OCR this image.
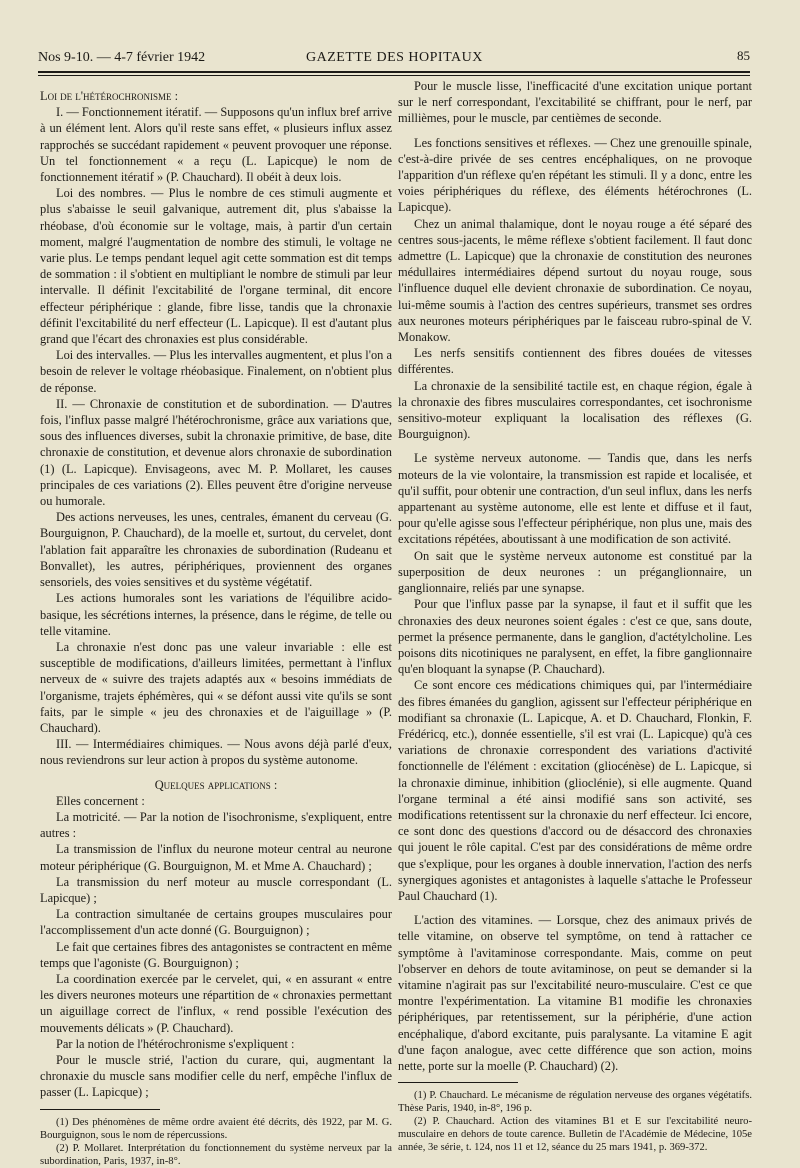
Nos 9-10. — 4-7 février 1942	GAZETTE DES HOPITAUX	85

Loi de l'hétérochronisme :

I. — Fonctionnement itératif. — Supposons qu'un influx bref arrive à un élément lent. Alors qu'il reste sans effet, « plusieurs influx assez rapprochés se succédant rapidement « peuvent provoquer une réponse. Un tel fonctionnement « a reçu (L. Lapicque) le nom de fonctionnement itératif » (P. Chauchard). Il obéit à deux lois.

Loi des nombres. — Plus le nombre de ces stimuli augmente et plus s'abaisse le seuil galvanique, autrement dit, plus s'abaisse la rhéobase, d'où économie sur le voltage, mais, à partir d'un certain moment, malgré l'augmentation de nombre des stimuli, le voltage ne varie plus. Le temps pendant lequel agit cette sommation est dit temps de sommation : il s'obtient en multipliant le nombre de stimuli par leur intervalle. Il définit l'excitabilité de l'organe terminal, dit encore effecteur périphérique : glande, fibre lisse, tandis que la chronaxie définit l'excitabilité du nerf effecteur (L. Lapicque). Il est d'autant plus grand que l'écart des chronaxies est plus considérable.

Loi des intervalles. — Plus les intervalles augmentent, et plus l'on a besoin de relever le voltage rhéobasique. Finalement, on n'obtient plus de réponse.

II. — Chronaxie de constitution et de subordination. — D'autres fois, l'influx passe malgré l'hétérochronisme, grâce aux variations que, sous des influences diverses, subit la chronaxie primitive, de base, dite chronaxie de constitution, et devenue alors chronaxie de subordination (1) (L. Lapicque). Envisageons, avec M. P. Mollaret, les causes principales de ces variations (2). Elles peuvent être d'origine nerveuse ou humorale.

Des actions nerveuses, les unes, centrales, émanent du cerveau (G. Bourguignon, P. Chauchard), de la moelle et, surtout, du cervelet, dont l'ablation fait apparaître les chronaxies de subordination (Rudeanu et Bonvallet), les autres, périphériques, proviennent des organes sensoriels, des voies sensitives et du système végétatif.

Les actions humorales sont les variations de l'équilibre acido-basique, les sécrétions internes, la présence, dans le régime, de telle ou telle vitamine.

La chronaxie n'est donc pas une valeur invariable : elle est susceptible de modifications, d'ailleurs limitées, permettant à l'influx nerveux de « suivre des trajets adaptés aux « besoins immédiats de l'organisme, trajets éphémères, qui « se défont aussi vite qu'ils se sont faits, par le simple « jeu des chronaxies et de l'aiguillage » (P. Chauchard).

III. — Intermédiaires chimiques. — Nous avons déjà parlé d'eux, nous reviendrons sur leur action à propos du système autonome.

Quelques applications :

Elles concernent :

La motricité. — Par la notion de l'isochronisme, s'expliquent, entre autres :

La transmission de l'influx du neurone moteur central au neurone moteur périphérique (G. Bourguignon, M. et Mme A. Chauchard) ;

La transmission du nerf moteur au muscle correspondant (L. Lapicque) ;

La contraction simultanée de certains groupes musculaires pour l'accomplissement d'un acte donné (G. Bourguignon) ;

Le fait que certaines fibres des antagonistes se contractent en même temps que l'agoniste (G. Bourguignon) ;

La coordination exercée par le cervelet, qui, « en assurant « entre les divers neurones moteurs une répartition de « chronaxies permettant un aiguillage correct de l'influx, « rend possible l'exécution des mouvements délicats » (P. Chauchard).

Par la notion de l'hétérochronisme s'expliquent :

Pour le muscle strié, l'action du curare, qui, augmentant la chronaxie du muscle sans modifier celle du nerf, empêche l'influx de passer (L. Lapicque) ;

(1) Des phénomènes de même ordre avaient été décrits, dès 1922, par M. G. Bourguignon, sous le nom de répercussions.

(2) P. Mollaret. Interprétation du fonctionnement du système nerveux par la subordination, Paris, 1937, in-8°.

Pour le muscle lisse, l'inefficacité d'une excitation unique portant sur le nerf correspondant, l'excitabilité se chiffrant, pour le nerf, par millièmes, pour le muscle, par centièmes de seconde.

Les fonctions sensitives et réflexes. — Chez une grenouille spinale, c'est-à-dire privée de ses centres encéphaliques, on ne provoque l'apparition d'un réflexe qu'en répétant les stimuli. Il y a donc, entre les voies périphériques du réflexe, des éléments hétérochrones (L. Lapicque).

Chez un animal thalamique, dont le noyau rouge a été séparé des centres sous-jacents, le même réflexe s'obtient facilement. Il faut donc admettre (L. Lapicque) que la chronaxie de constitution des neurones médullaires intermédiaires dépend surtout du noyau rouge, sous l'influence duquel elle devient chronaxie de subordination. Ce noyau, lui-même soumis à l'action des centres supérieurs, transmet ses ordres aux neurones moteurs périphériques par le faisceau rubro-spinal de V. Monakow.

Les nerfs sensitifs contiennent des fibres douées de vitesses différentes.

La chronaxie de la sensibilité tactile est, en chaque région, égale à la chronaxie des fibres musculaires correspondantes, cet isochronisme sensitivo-moteur expliquant la localisation des réflexes (G. Bourguignon).

Le système nerveux autonome. — Tandis que, dans les nerfs moteurs de la vie volontaire, la transmission est rapide et localisée, et qu'il suffit, pour obtenir une contraction, d'un seul influx, dans les nerfs appartenant au système autonome, elle est lente et diffuse et il faut, pour qu'elle agisse sous l'effecteur périphérique, non plus une, mais des excitations répétées, aboutissant à une modification de son activité.

On sait que le système nerveux autonome est constitué par la superposition de deux neurones : un préganglionnaire, un ganglionnaire, reliés par une synapse.

Pour que l'influx passe par la synapse, il faut et il suffit que les chronaxies des deux neurones soient égales : c'est ce que, sans doute, permet la présence permanente, dans le ganglion, d'actétylcholine. Les poisons dits nicotiniques ne paralysent, en effet, la fibre ganglionnaire qu'en bloquant la synapse (P. Chauchard).

Ce sont encore ces médications chimiques qui, par l'intermédiaire des fibres émanées du ganglion, agissent sur l'effecteur périphérique en modifiant sa chronaxie (L. Lapicque, A. et D. Chauchard, Flonkin, F. Frédéricq, etc.), donnée essentielle, s'il est vrai (L. Lapicque) qu'à ces variations de chronaxie correspondent des variations d'activité fonctionnelle de l'élément : excitation (gliocénèse) de L. Lapicque, si la chronaxie diminue, inhibition (glioclénie), si elle augmente. Quand l'organe terminal a été ainsi modifié sans son activité, ses modifications retentissent sur la chronaxie du nerf effecteur. Ici encore, ce sont donc des questions d'accord ou de désaccord des chronaxies qui jouent le rôle capital. C'est par des considérations de même ordre que s'explique, pour les organes à double innervation, l'action des nerfs synergiques agonistes et antagonistes à laquelle s'attache le Professeur Paul Chauchard (1).

L'action des vitamines. — Lorsque, chez des animaux privés de telle vitamine, on observe tel symptôme, on tend à rattacher ce symptôme à l'avitaminose correspondante. Mais, comme on peut l'observer en dehors de toute avitaminose, on peut se demander si la vitamine n'agirait pas sur l'excitabilité neuro-musculaire. C'est ce que montre l'expérimentation. La vitamine B1 modifie les chronaxies périphériques, par retentissement, sur la périphérie, d'une action encéphalique, d'abord excitante, puis paralysante. La vitamine E agit d'une façon analogue, avec cette différence que son action, moins nette, porte sur la moelle (P. Chauchard) (2).

(1) P. Chauchard. Le mécanisme de régulation nerveuse des organes végétatifs. Thèse Paris, 1940, in-8°, 196 p.

(2) P. Chauchard. Action des vitamines B1 et E sur l'excitabilité neuro-musculaire en dehors de toute carence. Bulletin de l'Académie de Médecine, 105e année, 3e série, t. 124, nos 11 et 12, séance du 25 mars 1941, p. 369-372.
